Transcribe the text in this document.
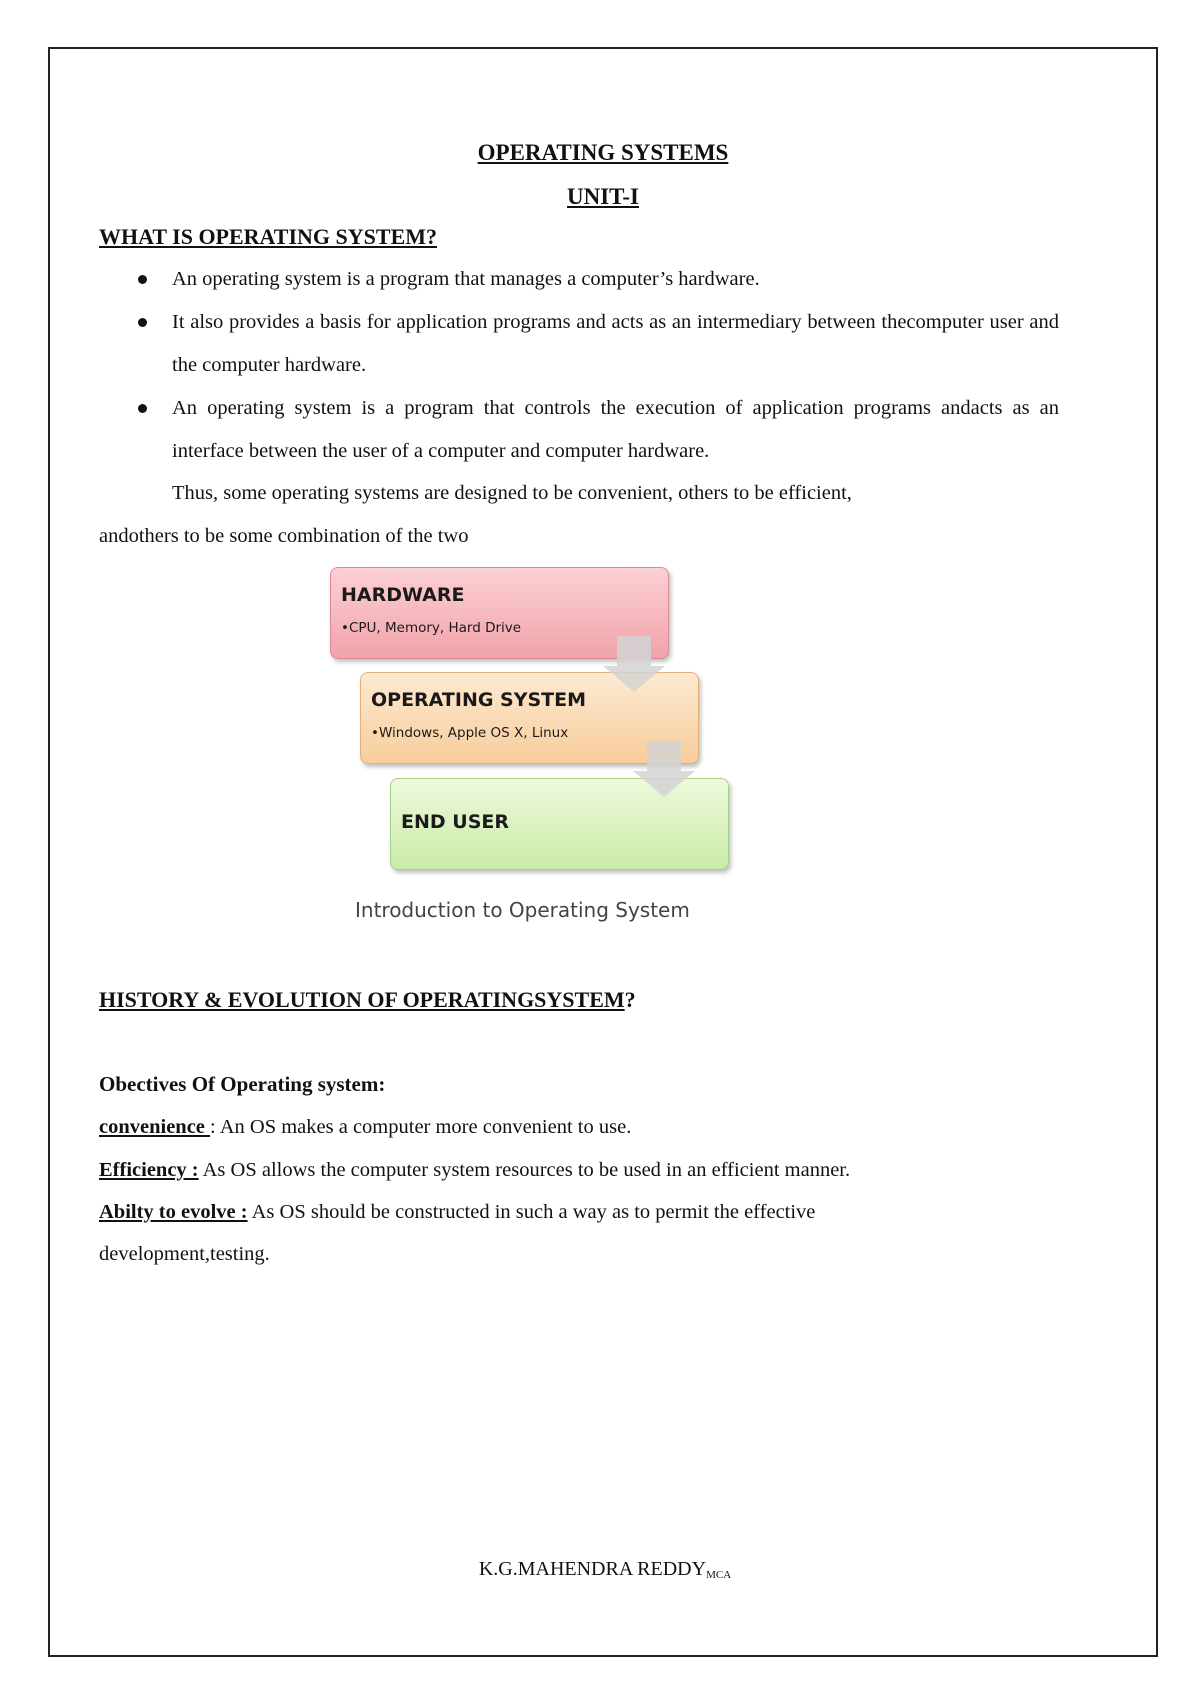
OPERATING SYSTEMS
UNIT-I
WHAT IS OPERATING SYSTEM?
An operating system is a program that manages a computer’s hardware.
It also provides a basis for application programs and acts as an intermediary between thecomputer user and the computer hardware.
An operating system is a program that controls the execution of application programs andacts as an interface between the user of a computer and computer hardware.
Thus, some operating systems are designed to be convenient, others to be efficient,
andothers to be some combination of the two
HARDWARE
•CPU, Memory, Hard Drive
OPERATING SYSTEM
•Windows, Apple OS X, Linux
END USER
Introduction to Operating System
HISTORY & EVOLUTION OF OPERATINGSYSTEM?
Obectives Of Operating system:
convenience : An OS makes a computer more convenient to use.
Efficiency : As OS allows the computer system resources to be used in an efficient manner.
Abilty to evolve : As OS should be constructed in such a way as to permit the effective
development,testing.
K.G.MAHENDRA $REDDY_{MCA}$
